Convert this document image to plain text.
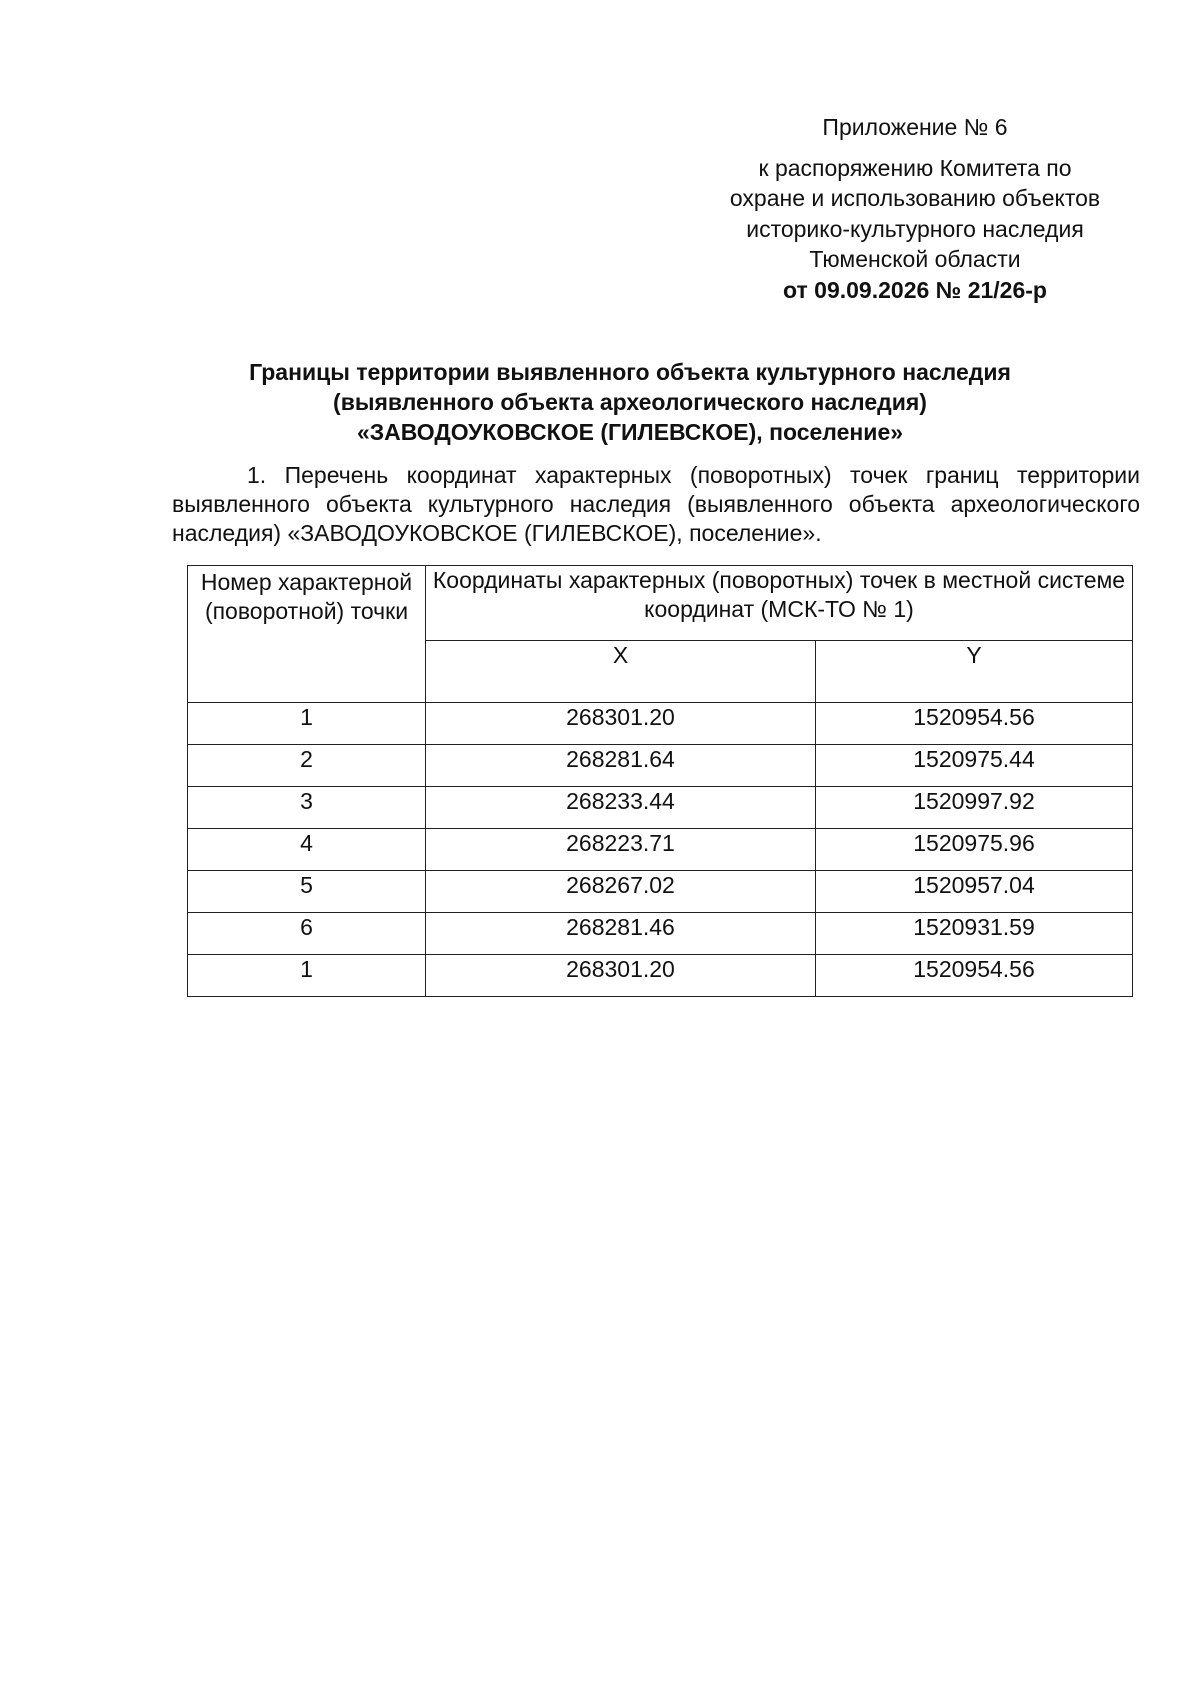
Приложение № 6
к распоряжению Комитета по
охране и использованию объектов
историко-культурного наследия
Тюменской области
от 09.09.2026 № 21/26-р
Границы территории выявленного объекта культурного наследия
(выявленного объекта археологического наследия)
«ЗАВОДОУКОВСКОЕ (ГИЛЕВСКОЕ), поселение»

1. Перечень координат характерных (поворотных) точек границ территории выявленного объекта культурного наследия (выявленного объекта археологического наследия) «ЗАВОДОУКОВСКОЕ (ГИЛЕВСКОЕ), поселение».

Номер характерной (поворотной) точки	Координаты характерных (поворотных) точек в местной системе координат (МСК-ТО № 1)	
	X	Y
1	268301.20	1520954.56
2	268281.64	1520975.44
3	268233.44	1520997.92
4	268223.71	1520975.96
5	268267.02	1520957.04
6	268281.46	1520931.59
1	268301.20	1520954.56
